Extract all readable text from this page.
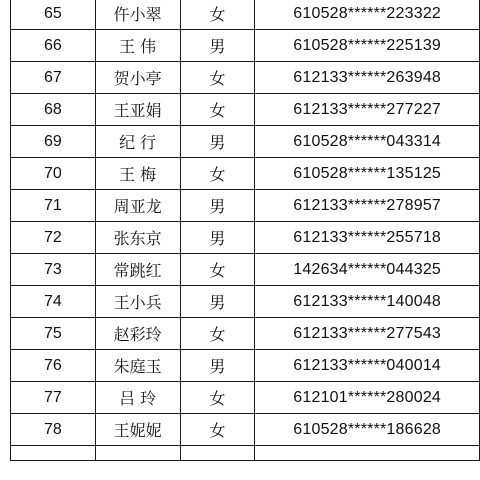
65	仵小翠	女	610528******223322
66	王 伟	男	610528******225139
67	贺小亭	女	612133******263948
68	王亚娟	女	612133******277227
69	纪 行	男	610528******043314
70	王 梅	女	610528******135125
71	周亚龙	男	612133******278957
72	张东京	男	612133******255718
73	常跳红	女	142634******044325
74	王小兵	男	612133******140048
75	赵彩玲	女	612133******277543
76	朱庭玉	男	612133******040014
77	吕 玲	女	612101******280024
78	王妮妮	女	610528******186628
